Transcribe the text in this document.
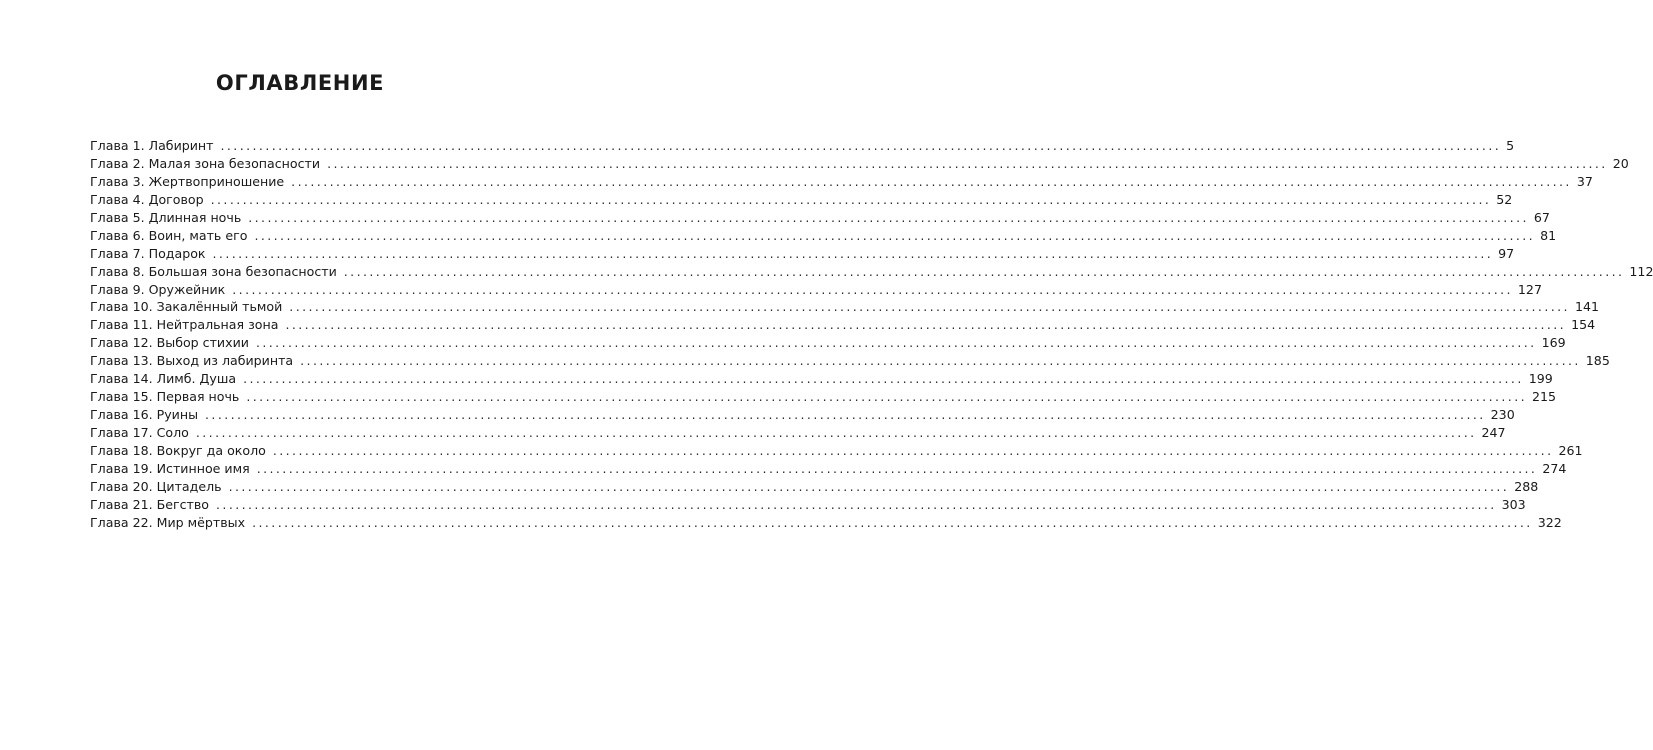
ОГЛАВЛЕНИЕ
Глава 1. Лабиринт ........................................................................................................................................................................................................ 5
Глава 2. Малая зона безопасности ........................................................................................................................................................................................................ 20
Глава 3. Жертвоприношение ........................................................................................................................................................................................................ 37
Глава 4. Договор ........................................................................................................................................................................................................ 52
Глава 5. Длинная ночь ........................................................................................................................................................................................................ 67
Глава 6. Воин, мать его ........................................................................................................................................................................................................ 81
Глава 7. Подарок ........................................................................................................................................................................................................ 97
Глава 8. Большая зона безопасности ........................................................................................................................................................................................................ 112
Глава 9. Оружейник ........................................................................................................................................................................................................ 127
Глава 10. Закалённый тьмой ........................................................................................................................................................................................................ 141
Глава 11. Нейтральная зона ........................................................................................................................................................................................................ 154
Глава 12. Выбор стихии ........................................................................................................................................................................................................ 169
Глава 13. Выход из лабиринта ........................................................................................................................................................................................................ 185
Глава 14. Лимб. Душа ........................................................................................................................................................................................................ 199
Глава 15. Первая ночь ........................................................................................................................................................................................................ 215
Глава 16. Руины ........................................................................................................................................................................................................ 230
Глава 17. Соло ........................................................................................................................................................................................................ 247
Глава 18. Вокруг да около ........................................................................................................................................................................................................ 261
Глава 19. Истинное имя ........................................................................................................................................................................................................ 274
Глава 20. Цитадель ........................................................................................................................................................................................................ 288
Глава 21. Бегство ........................................................................................................................................................................................................ 303
Глава 22. Мир мёртвых ........................................................................................................................................................................................................ 322
